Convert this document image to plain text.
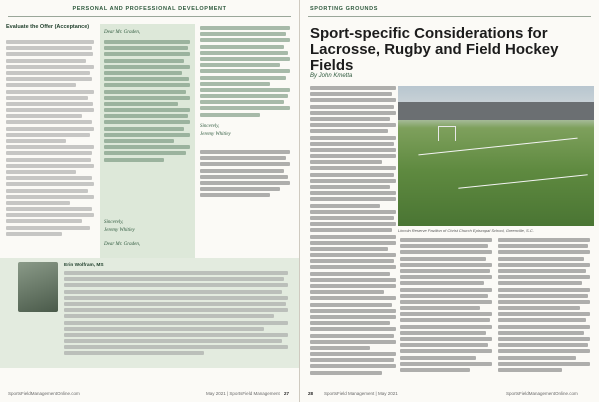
PERSONAL AND PROFESSIONAL DEVELOPMENT
Evaluate the Offer (Acceptance)
Dear Mr. Graden,
Sincerely,
Jeremy Whitley
Dear Mr. Graden,
Sincerely,
Jeremy Whitley
Erin Wolfram, MS
SportsFieldManagementOnline.com	May 2021 | SportsField Management 27
SPORTING GROUNDS
Sport-specific Considerations for Lacrosse, Rugby and Field Hockey Fields
By John Kmetta
Lincoln Reserve Pavilion of Christ Church Episcopal School, Greenville, S.C.
28 SportsField Management | May 2021	SportsFieldManagementOnline.com
